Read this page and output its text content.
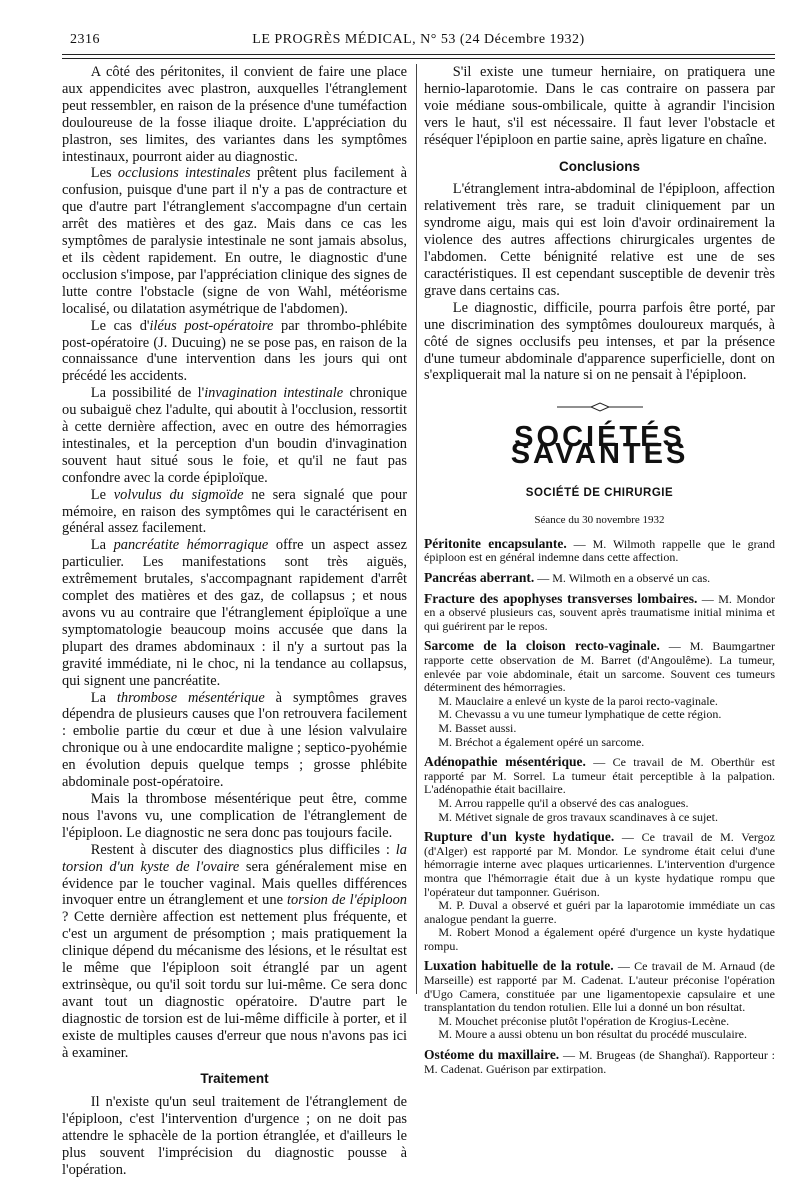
2316	LE PROGRÈS MÉDICAL, N° 53 (24 Décembre 1932)

A côté des péritonites, il convient de faire une place aux appendicites avec plastron, auxquelles l'étranglement peut ressembler, en raison de la présence d'une tuméfaction douloureuse de la fosse iliaque droite. L'appréciation du plastron, ses limites, des variantes dans les symptômes intestinaux, pourront aider au diagnostic.

Les occlusions intestinales prêtent plus facilement à confusion, puisque d'une part il n'y a pas de contracture et que d'autre part l'étranglement s'accompagne d'un certain arrêt des matières et des gaz. Mais dans ce cas les symptômes de paralysie intestinale ne sont jamais absolus, et ils cèdent rapidement. En outre, le diagnostic d'une occlusion s'impose, par l'appréciation clinique des signes de lutte contre l'obstacle (signe de von Wahl, météorisme localisé, ou dilatation asymétrique de l'abdomen).

Le cas d'iléus post-opératoire par thrombo-phlébite post-opératoire (J. Ducuing) ne se pose pas, en raison de la connaissance d'une intervention dans les jours qui ont précédé les accidents.

La possibilité de l'invagination intestinale chronique ou subaiguë chez l'adulte, qui aboutit à l'occlusion, ressortit à cette dernière affection, avec en outre des hémorragies intestinales, et la perception d'un boudin d'invagination souvent haut situé sous le foie, et qu'il ne faut pas confondre avec la corde épiploïque.

Le volvulus du sigmoïde ne sera signalé que pour mémoire, en raison des symptômes qui le caractérisent en général assez facilement.

La pancréatite hémorragique offre un aspect assez particulier. Les manifestations sont très aiguës, extrêmement brutales, s'accompagnant rapidement d'arrêt complet des matières et des gaz, de collapsus ; et nous avons vu au contraire que l'étranglement épiploïque a une symptomatologie beaucoup moins accusée que dans la plupart des drames abdominaux : il n'y a surtout pas la gravité immédiate, ni le choc, ni la tendance au collapsus, qui signent une pancréatite.

La thrombose mésentérique à symptômes graves dépendra de plusieurs causes que l'on retrouvera facilement : embolie partie du cœur et due à une lésion valvulaire chronique ou à une endocardite maligne ; septico-pyohémie en évolution depuis quelque temps ; grosse phlébite abdominale post-opératoire.

Mais la thrombose mésentérique peut être, comme nous l'avons vu, une complication de l'étranglement de l'épiploon. Le diagnostic ne sera donc pas toujours facile.

Restent à discuter des diagnostics plus difficiles : la torsion d'un kyste de l'ovaire sera généralement mise en évidence par le toucher vaginal. Mais quelles différences invoquer entre un étranglement et une torsion de l'épiploon ? Cette dernière affection est nettement plus fréquente, et c'est un argument de présomption ; mais pratiquement la clinique dépend du mécanisme des lésions, et le résultat est le même que l'épiploon soit étranglé par un agent extrinsèque, ou qu'il soit tordu sur lui-même. Ce sera donc avant tout un diagnostic opératoire. D'autre part le diagnostic de torsion est de lui-même difficile à porter, et il existe de multiples causes d'erreur que nous n'avons pas ici à examiner.

Traitement

Il n'existe qu'un seul traitement de l'étranglement de l'épiploon, c'est l'intervention d'urgence ; on ne doit pas attendre le sphacèle de la portion étranglée, et d'ailleurs le plus souvent l'imprécision du diagnostic pousse à l'opération.

S'il existe une tumeur herniaire, on pratiquera une hernio-laparotomie. Dans le cas contraire on passera par voie médiane sous-ombilicale, quitte à agrandir l'incision vers le haut, s'il est nécessaire. Il faut lever l'obstacle et réséquer l'épiploon en partie saine, après ligature en chaîne.

Conclusions

L'étranglement intra-abdominal de l'épiploon, affection relativement très rare, se traduit cliniquement par un syndrome aigu, mais qui est loin d'avoir ordinairement la violence des autres affections chirurgicales urgentes de l'abdomen. Cette bénignité relative est une de ses caractéristiques. Il est cependant susceptible de devenir très grave dans certains cas.

Le diagnostic, difficile, pourra parfois être porté, par une discrimination des symptômes douloureux marqués, à côté de signes occlusifs peu intenses, et par la présence d'une tumeur abdominale d'apparence superficielle, dont on s'expliquerait mal la nature si on ne pensait à l'épiploon.

SOCIÉTÉS SAVANTES
SOCIÉTÉ DE CHIRURGIE
Séance du 30 novembre 1932

Péritonite encapsulante. — M. Wilmoth rappelle que le grand épiploon est en général indemne dans cette affection.

Pancréas aberrant. — M. Wilmoth en a observé un cas.

Fracture des apophyses transverses lombaires. — M. Mondor en a observé plusieurs cas, souvent après traumatisme initial minima et qui guérirent par le repos.

Sarcome de la cloison recto-vaginale. — M. Baumgartner rapporte cette observation de M. Barret (d'Angoulême). La tumeur, enlevée par voie abdominale, était un sarcome. Souvent ces tumeurs déterminent des hémorragies.

M. Mauclaire a enlevé un kyste de la paroi recto-vaginale.

M. Chevassu a vu une tumeur lymphatique de cette région.

M. Basset aussi.

M. Bréchot a également opéré un sarcome.

Adénopathie mésentérique. — Ce travail de M. Oberthür est rapporté par M. Sorrel. La tumeur était perceptible à la palpation. L'adénopathie était bacillaire.

M. Arrou rappelle qu'il a observé des cas analogues.

M. Métivet signale de gros travaux scandinaves à ce sujet.

Rupture d'un kyste hydatique. — Ce travail de M. Vergoz (d'Alger) est rapporté par M. Mondor. Le syndrome était celui d'une hémorragie interne avec plaques urticariennes. L'intervention d'urgence montra que l'hémorragie était due à un kyste hydatique rompu que l'opérateur dut tamponner. Guérison.

M. P. Duval a observé et guéri par la laparotomie immédiate un cas analogue pendant la guerre.

M. Robert Monod a également opéré d'urgence un kyste hydatique rompu.

Luxation habituelle de la rotule. — Ce travail de M. Arnaud (de Marseille) est rapporté par M. Cadenat. L'auteur préconise l'opération d'Ugo Camera, constituée par une ligamentopexie capsulaire et une transplantation du tendon rotulien. Elle lui a donné un bon résultat.

M. Mouchet préconise plutôt l'opération de Krogius-Lecène.

M. Moure a aussi obtenu un bon résultat du procédé musculaire.

Ostéome du maxillaire. — M. Brugeas (de Shanghaï). Rapporteur : M. Cadenat. Guérison par extirpation.
